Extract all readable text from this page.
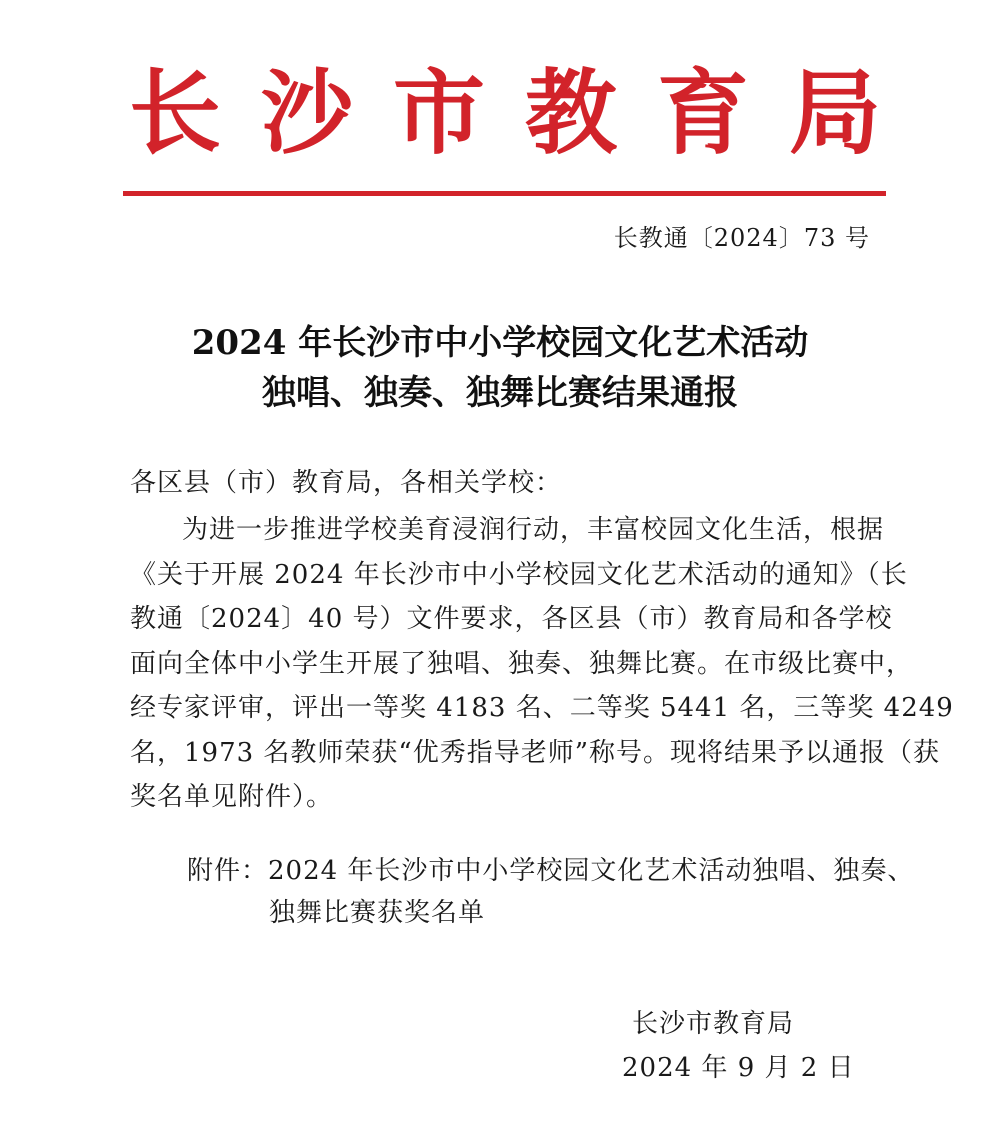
长 沙 市 教 育 局
长教通〔2024〕73 号
2024 年长沙市中小学校园文化艺术活动
独唱、独奏、独舞比赛结果通报
各区县（市）教育局，各相关学校：
为进一步推进学校美育浸润行动，丰富校园文化生活，根据
《关于开展 2024 年长沙市中小学校园文化艺术活动的通知》（长
教通〔2024〕40 号）文件要求，各区县（市）教育局和各学校
面向全体中小学生开展了独唱、独奏、独舞比赛。在市级比赛中，
经专家评审，评出一等奖 4183 名、二等奖 5441 名，三等奖 4249
名，1973 名教师荣获“优秀指导老师”称号。现将结果予以通报（获
奖名单见附件）。
附件：2024 年长沙市中小学校园文化艺术活动独唱、独奏、
独舞比赛获奖名单
长沙市教育局
2024 年 9 月 2 日
